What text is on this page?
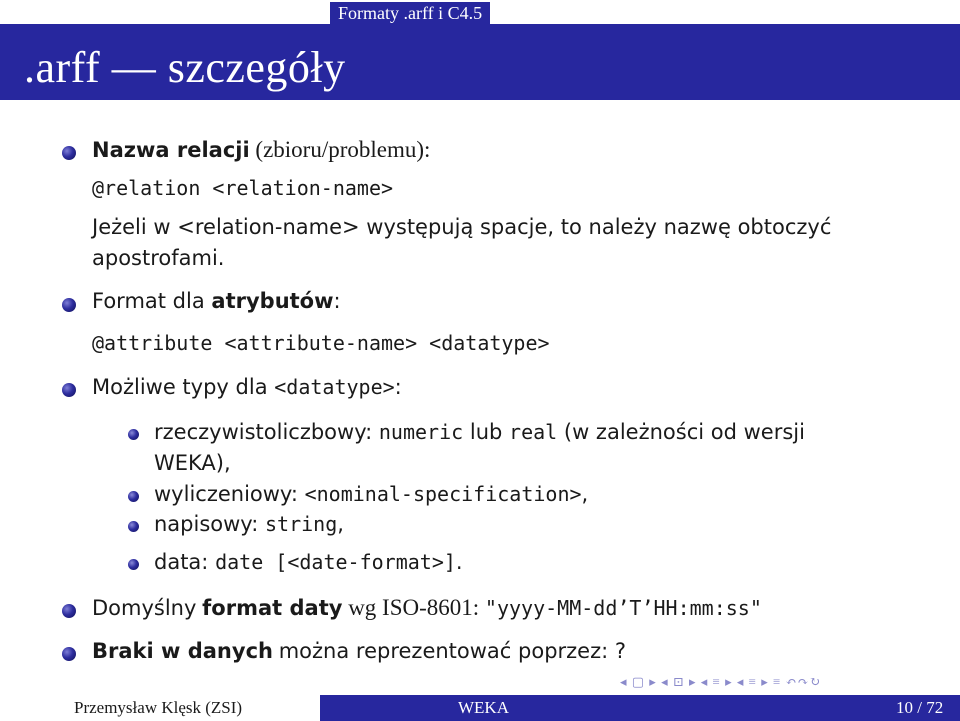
Formaty .arff i C4.5
.arff — szczegóły
Nazwa relacji (zbioru/problemu):
@relation <relation-name>
Jeżeli w <relation-name> występują spacje, to należy nazwę obtoczyć
apostrofami.
Format dla atrybutów:
@attribute <attribute-name> <datatype>
Możliwe typy dla <datatype>:
rzeczywistoliczbowy: numeric lub real (w zależności od wersji
WEKA),
wyliczeniowy: <nominal-specification>,
napisowy: string,
data: date [<date-format>].
Domyślny format daty wg ISO-8601: "yyyy-MM-dd’T’HH:mm:ss"
Braki w danych można reprezentować poprzez: ?
◂ ▢ ▸ ◂ ⊡ ▸ ◂ ≡ ▸ ◂ ≡ ▸ ≡ ↶↷↻
Przemysław Klęsk (ZSI)	WEKA	10 / 72
